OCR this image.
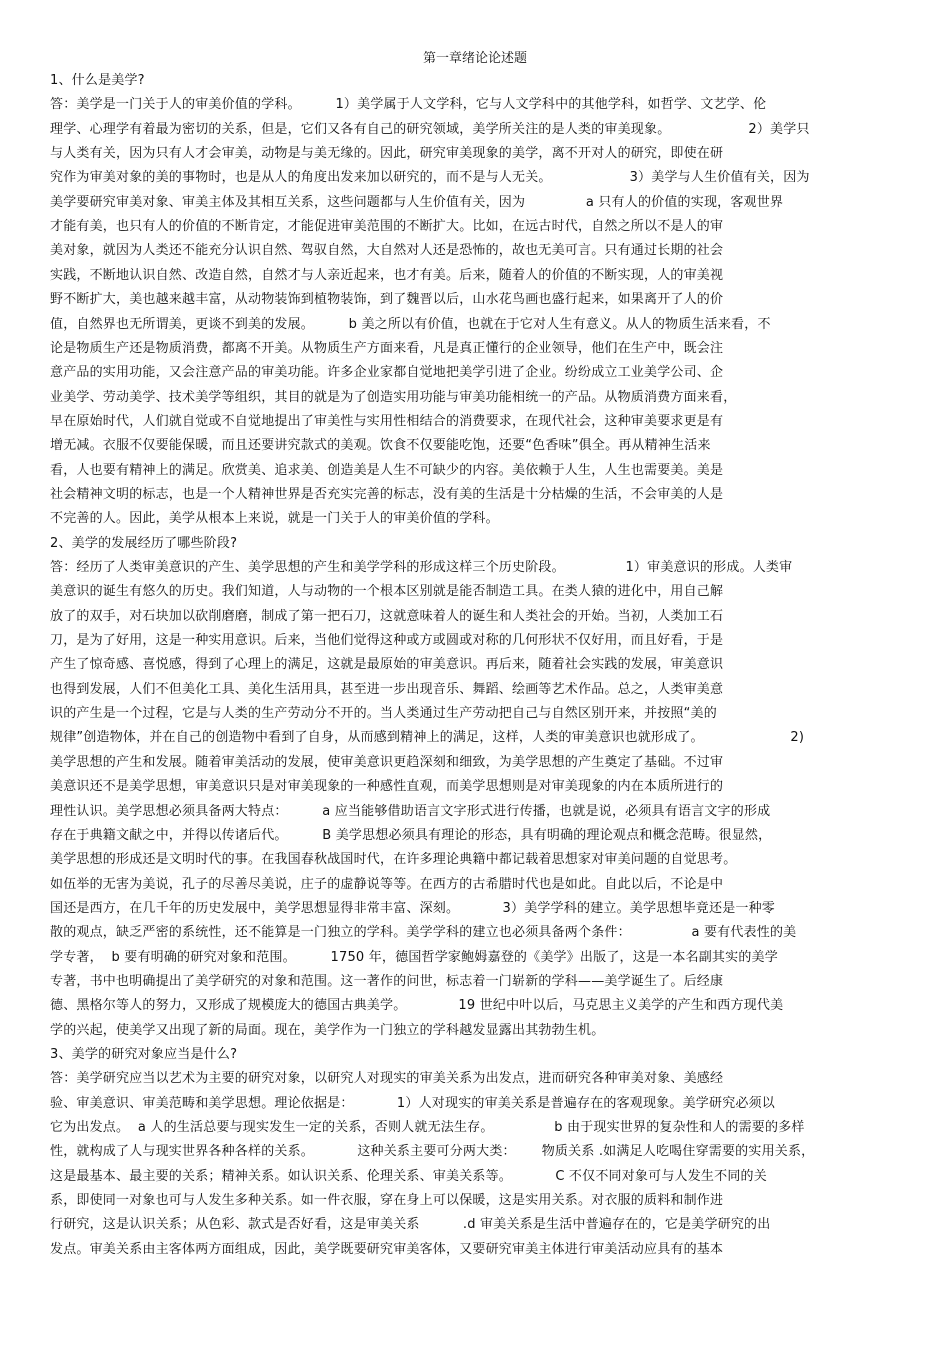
第一章绪论论述题
1、什么是美学?
答：美学是一门关于人的审美价值的学科。        1）美学属于人文学科，它与人文学科中的其他学科，如哲学、文艺学、伦
理学、心理学有着最为密切的关系，但是，它们又各有自己的研究领域，美学所关注的是人类的审美现象。                  2）美学只
与人类有关，因为只有人才会审美，动物是与美无缘的。因此，研究审美现象的美学，离不开对人的研究，即使在研
究作为审美对象的美的事物时，也是从人的角度出发来加以研究的，而不是与人无关。                  3）美学与人生价值有关，因为
美学要研究审美对象、审美主体及其相互关系，这些问题都与人生价值有关，因为              a 只有人的价值的实现，客观世界
才能有美，也只有人的价值的不断肯定，才能促进审美范围的不断扩大。比如，在远古时代，自然之所以不是人的审
美对象，就因为人类还不能充分认识自然、驾驭自然，大自然对人还是恐怖的，故也无美可言。只有通过长期的社会
实践，不断地认识自然、改造自然，自然才与人亲近起来，也才有美。后来，随着人的价值的不断实现，人的审美视
野不断扩大，美也越来越丰富，从动物装饰到植物装饰，到了魏晋以后，山水花鸟画也盛行起来，如果离开了人的价
值，自然界也无所谓美，更谈不到美的发展。        b 美之所以有价值，也就在于它对人生有意义。从人的物质生活来看，不
论是物质生产还是物质消费，都离不开美。从物质生产方面来看，凡是真正懂行的企业领导，他们在生产中，既会注
意产品的实用功能，又会注意产品的审美功能。许多企业家都自觉地把美学引进了企业。纷纷成立工业美学公司、企
业美学、劳动美学、技术美学等组织，其目的就是为了创造实用功能与审美功能相统一的产品。从物质消费方面来看，
早在原始时代，人们就自觉或不自觉地提出了审美性与实用性相结合的消费要求，在现代社会，这种审美要求更是有
增无减。衣服不仅要能保暖，而且还要讲究款式的美观。饮食不仅要能吃饱，还要“色香味”俱全。再从精神生活来
看，人也要有精神上的满足。欣赏美、追求美、创造美是人生不可缺少的内容。美依赖于人生，人生也需要美。美是
社会精神文明的标志，也是一个人精神世界是否充实完善的标志，没有美的生活是十分枯燥的生活，不会审美的人是
不完善的人。因此，美学从根本上来说，就是一门关于人的审美价值的学科。
2、美学的发展经历了哪些阶段?
答：经历了人类审美意识的产生、美学思想的产生和美学学科的形成这样三个历史阶段。              1）审美意识的形成。人类审
美意识的诞生有悠久的历史。我们知道，人与动物的一个根本区别就是能否制造工具。在类人猿的进化中，用自己解
放了的双手，对石块加以砍削磨磨，制成了第一把石刀，这就意味着人的诞生和人类社会的开始。当初，人类加工石
刀，是为了好用，这是一种实用意识。后来，当他们觉得这种或方或圆或对称的几何形状不仅好用，而且好看，于是
产生了惊奇感、喜悦感，得到了心理上的满足，这就是最原始的审美意识。再后来，随着社会实践的发展，审美意识
也得到发展，人们不但美化工具、美化生活用具，甚至进一步出现音乐、舞蹈、绘画等艺术作品。总之，人类审美意
识的产生是一个过程，它是与人类的生产劳动分不开的。当人类通过生产劳动把自己与自然区别开来，并按照“美的
规律”创造物体，并在自己的创造物中看到了自身，从而感到精神上的满足，这样，人类的审美意识也就形成了。                    2)
美学思想的产生和发展。随着审美活动的发展，使审美意识更趋深刻和细致，为美学思想的产生奠定了基础。不过审
美意识还不是美学思想，审美意识只是对审美现象的一种感性直观，而美学思想则是对审美现象的内在本质所进行的
理性认识。美学思想必须具备两大特点：        a 应当能够借助语言文字形式进行传播，也就是说，必须具有语言文字的形成
存在于典籍文献之中，并得以传诸后代。        B 美学思想必须具有理论的形态，具有明确的理论观点和概念范畴。很显然，
美学思想的形成还是文明时代的事。在我国春秋战国时代，在许多理论典籍中都记载着思想家对审美问题的自觉思考。
如伍举的无害为美说，孔子的尽善尽美说，庄子的虚静说等等。在西方的古希腊时代也是如此。自此以后，不论是中
国还是西方，在几千年的历史发展中，美学思想显得非常丰富、深刻。          3）美学学科的建立。美学思想毕竟还是一种零
散的观点，缺乏严密的系统性，还不能算是一门独立的学科。美学学科的建立也必须具备两个条件：              a 要有代表性的美
学专著，  b 要有明确的研究对象和范围。        1750 年，德国哲学家鲍姆嘉登的《美学》出版了，这是一本名副其实的美学
专著，书中也明确提出了美学研究的对象和范围。这一著作的问世，标志着一门崭新的学科——美学诞生了。后经康
德、黑格尔等人的努力，又形成了规模庞大的德国古典美学。            19 世纪中叶以后，马克思主义美学的产生和西方现代美
学的兴起，使美学又出现了新的局面。现在，美学作为一门独立的学科越发显露出其勃勃生机。
3、美学的研究对象应当是什么?
答：美学研究应当以艺术为主要的研究对象，以研究人对现实的审美关系为出发点，进而研究各种审美对象、美感经
验、审美意识、审美范畴和美学思想。理论依据是：          1）人对现实的审美关系是普遍存在的客观现象。美学研究必须以
它为出发点。  a 人的生活总要与现实发生一定的关系，否则人就无法生存。              b 由于现实世界的复杂性和人的需要的多样
性，就构成了人与现实世界各种各样的关系。          这种关系主要可分两大类：      物质关系 .如满足人吃喝住穿需要的实用关系，
这是最基本、最主要的关系；精神关系。如认识关系、伦理关系、审美关系等。          C 不仅不同对象可与人发生不同的关
系，即使同一对象也可与人发生多种关系。如一件衣服，穿在身上可以保暖，这是实用关系。对衣服的质料和制作进
行研究，这是认识关系；从色彩、款式是否好看，这是审美关系          .d 审美关系是生活中普遍存在的，它是美学研究的出
发点。审美关系由主客体两方面组成，因此，美学既要研究审美客体，又要研究审美主体进行审美活动应具有的基本
